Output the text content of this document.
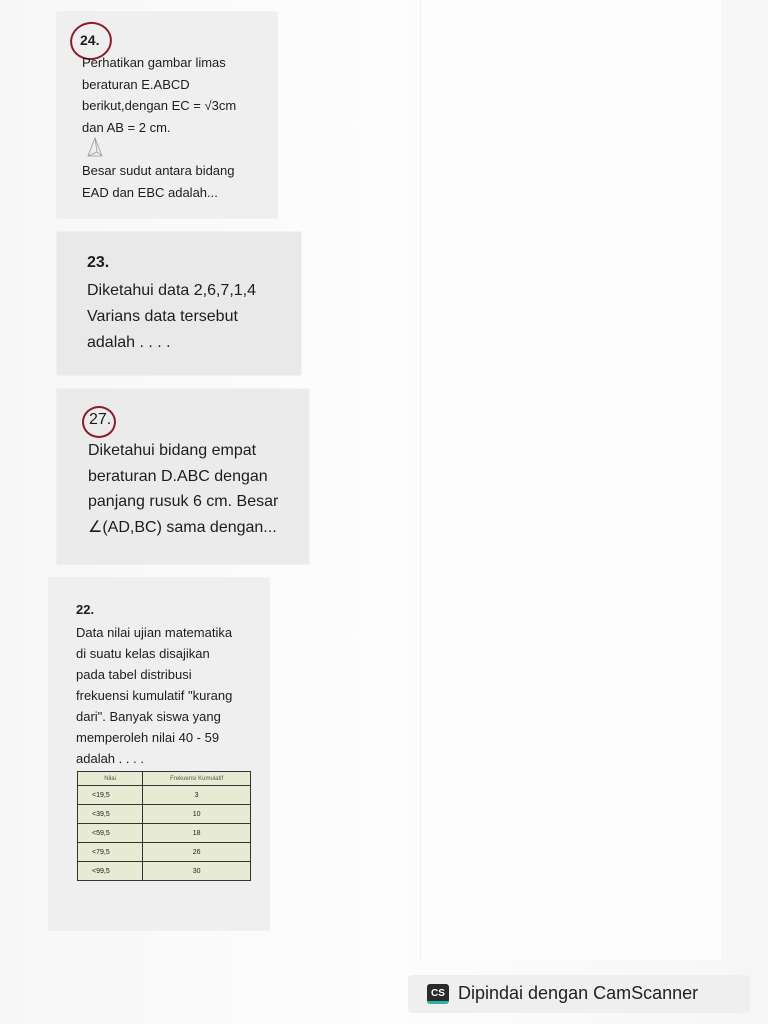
24.
Perhatikan gambar limas
beraturan E.ABCD
berikut,dengan EC = √3cm
dan AB = 2 cm.
Besar sudut antara bidang
EAD dan EBC adalah...
23.
Diketahui data 2,6,7,1,4
Varians data tersebut
adalah . . . .
27.
Diketahui bidang empat
beraturan D.ABC dengan
panjang rusuk 6 cm. Besar
∠(AD,BC) sama dengan...
22.
Data nilai ujian matematika
di suatu kelas disajikan
pada tabel distribusi
frekuensi kumulatif "kurang
dari". Banyak siswa yang
memperoleh nilai 40 - 59
adalah . . . .
Nilai	Frekuensi Kumulatif
<19,5	3
<39,5	10
<59,5	18
<79,5	26
<99,5	30
CS Dipindai dengan CamScanner
